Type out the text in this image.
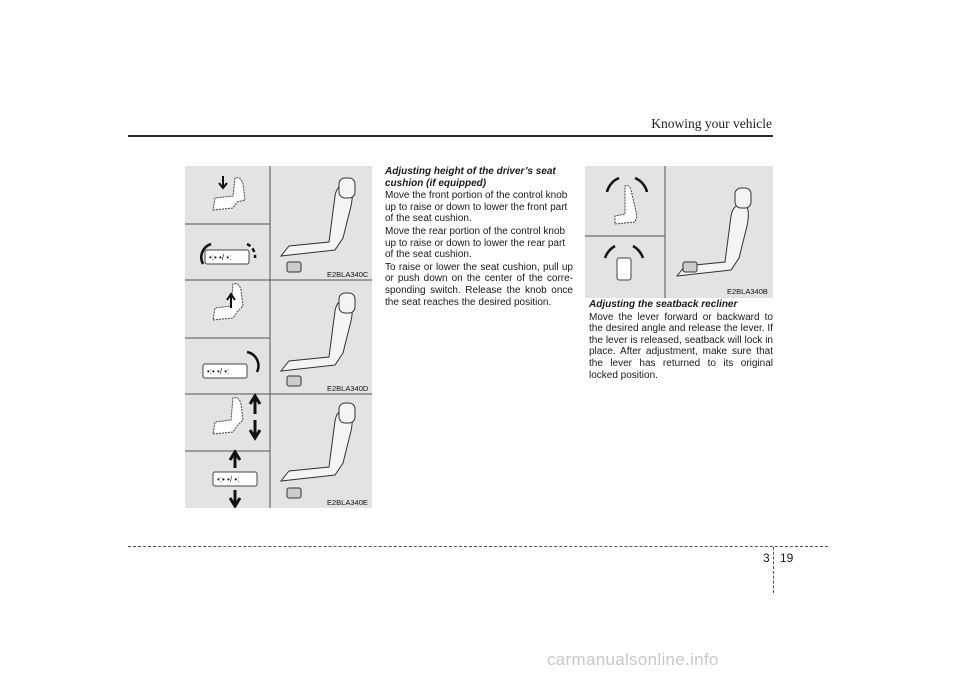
Knowing your vehicle
•:• •/ •:
•:• •/ •:
•:• •/ •:
E2BLA340C
E2BLA340D
E2BLA340E
Adjusting height of the driver’s seat
cushion (if equipped)

Move the front portion of the control knob up to raise or down to lower the front part of the seat cushion.

Move the rear portion of the control knob up to raise or down to lower the rear part of the seat cushion.

To raise or lower the seat cushion, pull up or push down on the center of the corre-sponding switch. Release the knob once the seat reaches the desired position.

E2BLA340B
Adjusting the seatback recliner

Move the lever forward or backward to the desired angle and release the lever. If the lever is released, seatback will lock in place. After adjustment, make sure that the lever has returned to its original locked position.

3 19
carmanualsonline.info
